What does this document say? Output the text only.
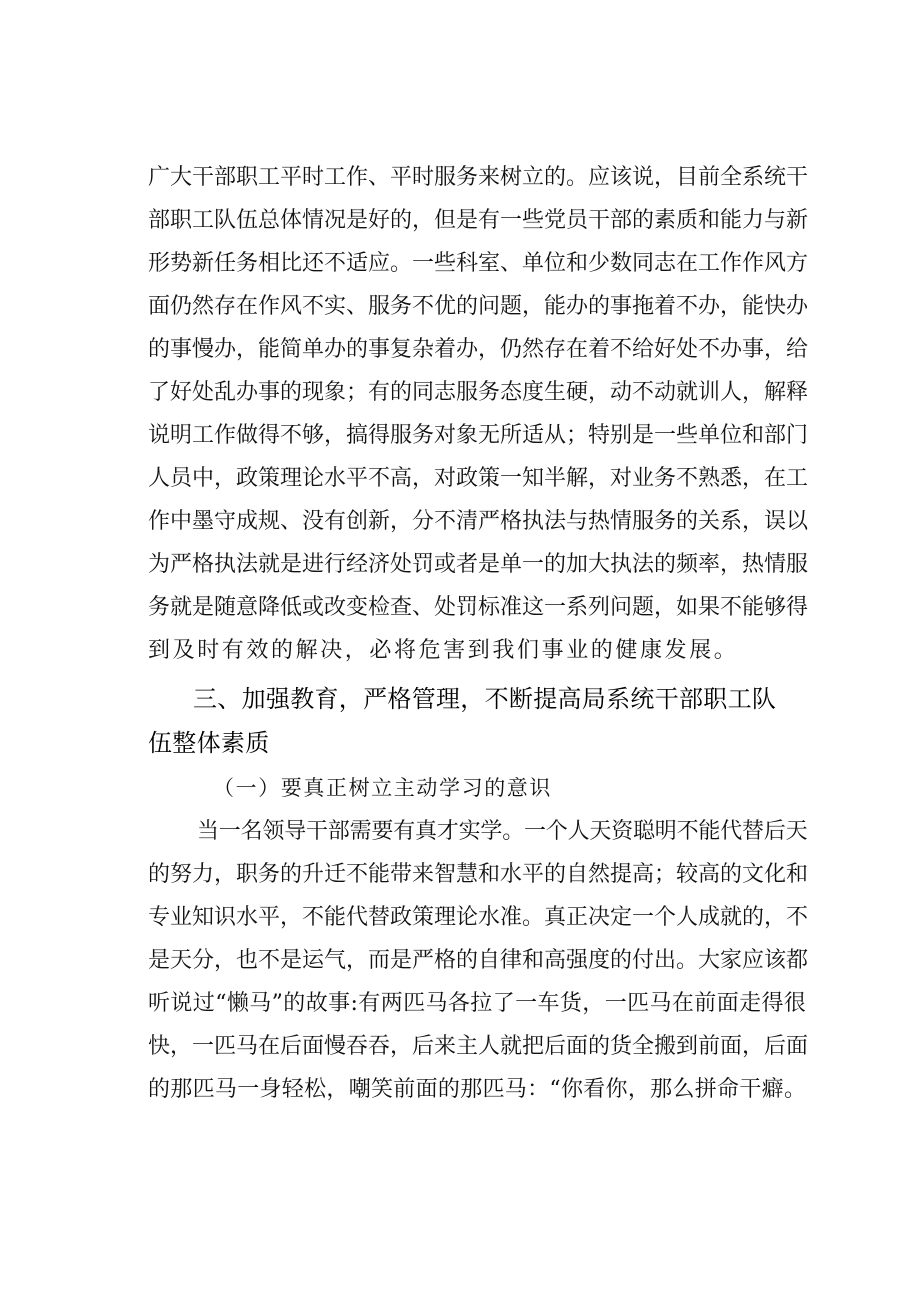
广大干部职工平时工作、平时服务来树立的。应该说，目前全系统干
部职工队伍总体情况是好的，但是有一些党员干部的素质和能力与新
形势新任务相比还不适应。一些科室、单位和少数同志在工作作风方
面仍然存在作风不实、服务不优的问题，能办的事拖着不办，能快办
的事慢办，能简单办的事复杂着办，仍然存在着不给好处不办事，给
了好处乱办事的现象；有的同志服务态度生硬，动不动就训人，解释
说明工作做得不够，搞得服务对象无所适从；特别是一些单位和部门
人员中，政策理论水平不高，对政策一知半解，对业务不熟悉，在工
作中墨守成规、没有创新，分不清严格执法与热情服务的关系，误以
为严格执法就是进行经济处罚或者是单一的加大执法的频率，热情服
务就是随意降低或改变检查、处罚标准这一系列问题，如果不能够得
到及时有效的解决，必将危害到我们事业的健康发展。
三、加强教育，严格管理，不断提高局系统干部职工队
伍整体素质
（一）要真正树立主动学习的意识
当一名领导干部需要有真才实学。一个人天资聪明不能代替后天
的努力，职务的升迁不能带来智慧和水平的自然提高；较高的文化和
专业知识水平，不能代替政策理论水准。真正决定一个人成就的，不
是天分，也不是运气，而是严格的自律和高强度的付出。大家应该都
听说过“懒马”的故事:有两匹马各拉了一车货，一匹马在前面走得很
快，一匹马在后面慢吞吞，后来主人就把后面的货全搬到前面，后面
的那匹马一身轻松，嘲笑前面的那匹马：“你看你，那么拼命干癖。
